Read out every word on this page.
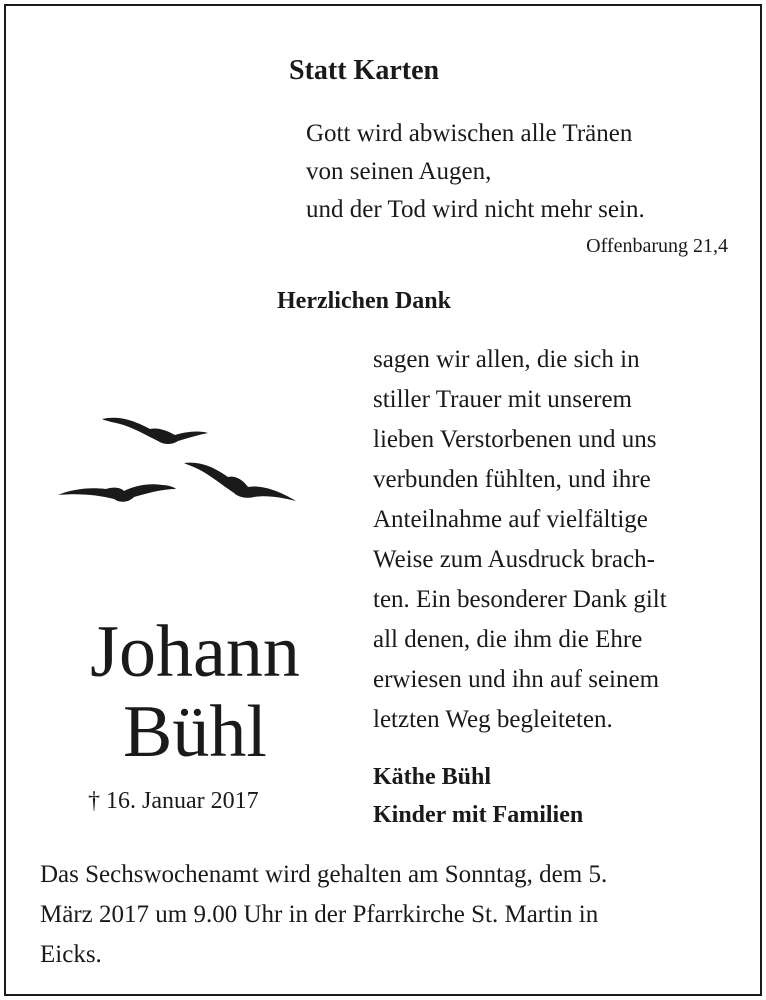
Statt Karten
Gott wird abwischen alle Tränen
von seinen Augen,
und der Tod wird nicht mehr sein.
Offenbarung 21,4
Herzlichen Dank
sagen wir allen, die sich in
stiller Trauer mit unserem
lieben Verstorbenen und uns
verbunden fühlten, und ihre
Anteilnahme auf vielfältige
Weise zum Ausdruck brach-
ten. Ein besonderer Dank gilt
all denen, die ihm die Ehre
erwiesen und ihn auf seinem
letzten Weg begleiteten.
Johann
Bühl
† 16. Januar 2017
Käthe Bühl
Kinder mit Familien
Das Sechswochenamt wird gehalten am Sonntag, dem 5.
März 2017 um 9.00 Uhr in der Pfarrkirche St. Martin in
Eicks.
